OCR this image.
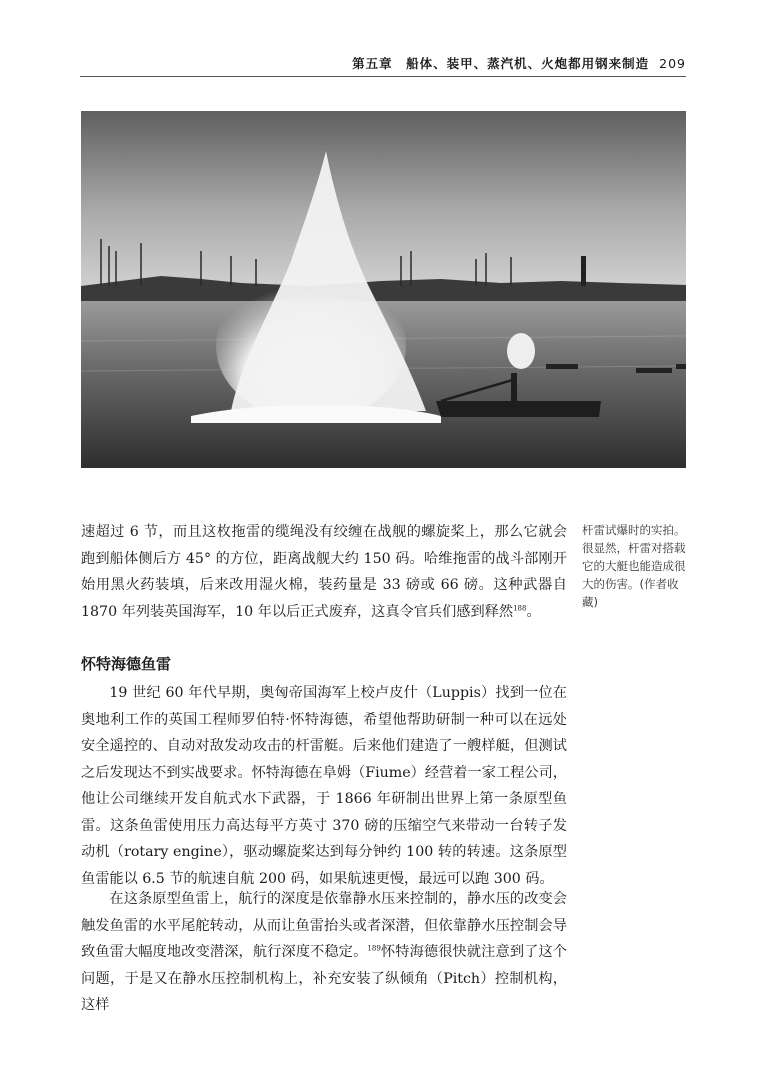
第五章　船体、装甲、蒸汽机、火炮都用钢来制造 209
杆雷试爆时的实拍。很显然，杆雷对搭载它的大艇也能造成很大的伤害。(作者收藏)
速超过 6 节，而且这枚拖雷的缆绳没有绞缠在战舰的螺旋桨上，那么它就会跑到船体侧后方 45° 的方位，距离战舰大约 150 码。哈维拖雷的战斗部刚开始用黑火药装填，后来改用湿火棉，装药量是 33 磅或 66 磅。这种武器自 1870 年列装英国海军，10 年以后正式废弃，这真令官兵们感到释然$^{188}$。
怀特海德鱼雷
19 世纪 60 年代早期，奥匈帝国海军上校卢皮什（Luppis）找到一位在奥地利工作的英国工程师罗伯特·怀特海德，希望他帮助研制一种可以在远处安全遥控的、自动对敌发动攻击的杆雷艇。后来他们建造了一艘样艇，但测试之后发现达不到实战要求。怀特海德在阜姆（Fiume）经营着一家工程公司，他让公司继续开发自航式水下武器，于 1866 年研制出世界上第一条原型鱼雷。这条鱼雷使用压力高达每平方英寸 370 磅的压缩空气来带动一台转子发动机（rotary engine），驱动螺旋桨达到每分钟约 100 转的转速。这条原型鱼雷能以 6.5 节的航速自航 200 码，如果航速更慢，最远可以跑 300 码。
在这条原型鱼雷上，航行的深度是依靠静水压来控制的，静水压的改变会触发鱼雷的水平尾舵转动，从而让鱼雷抬头或者深潜，但依靠静水压控制会导致鱼雷大幅度地改变潜深，航行深度不稳定。$^{189}$怀特海德很快就注意到了这个问题，于是又在静水压控制机构上，补充安装了纵倾角（Pitch）控制机构，这样
